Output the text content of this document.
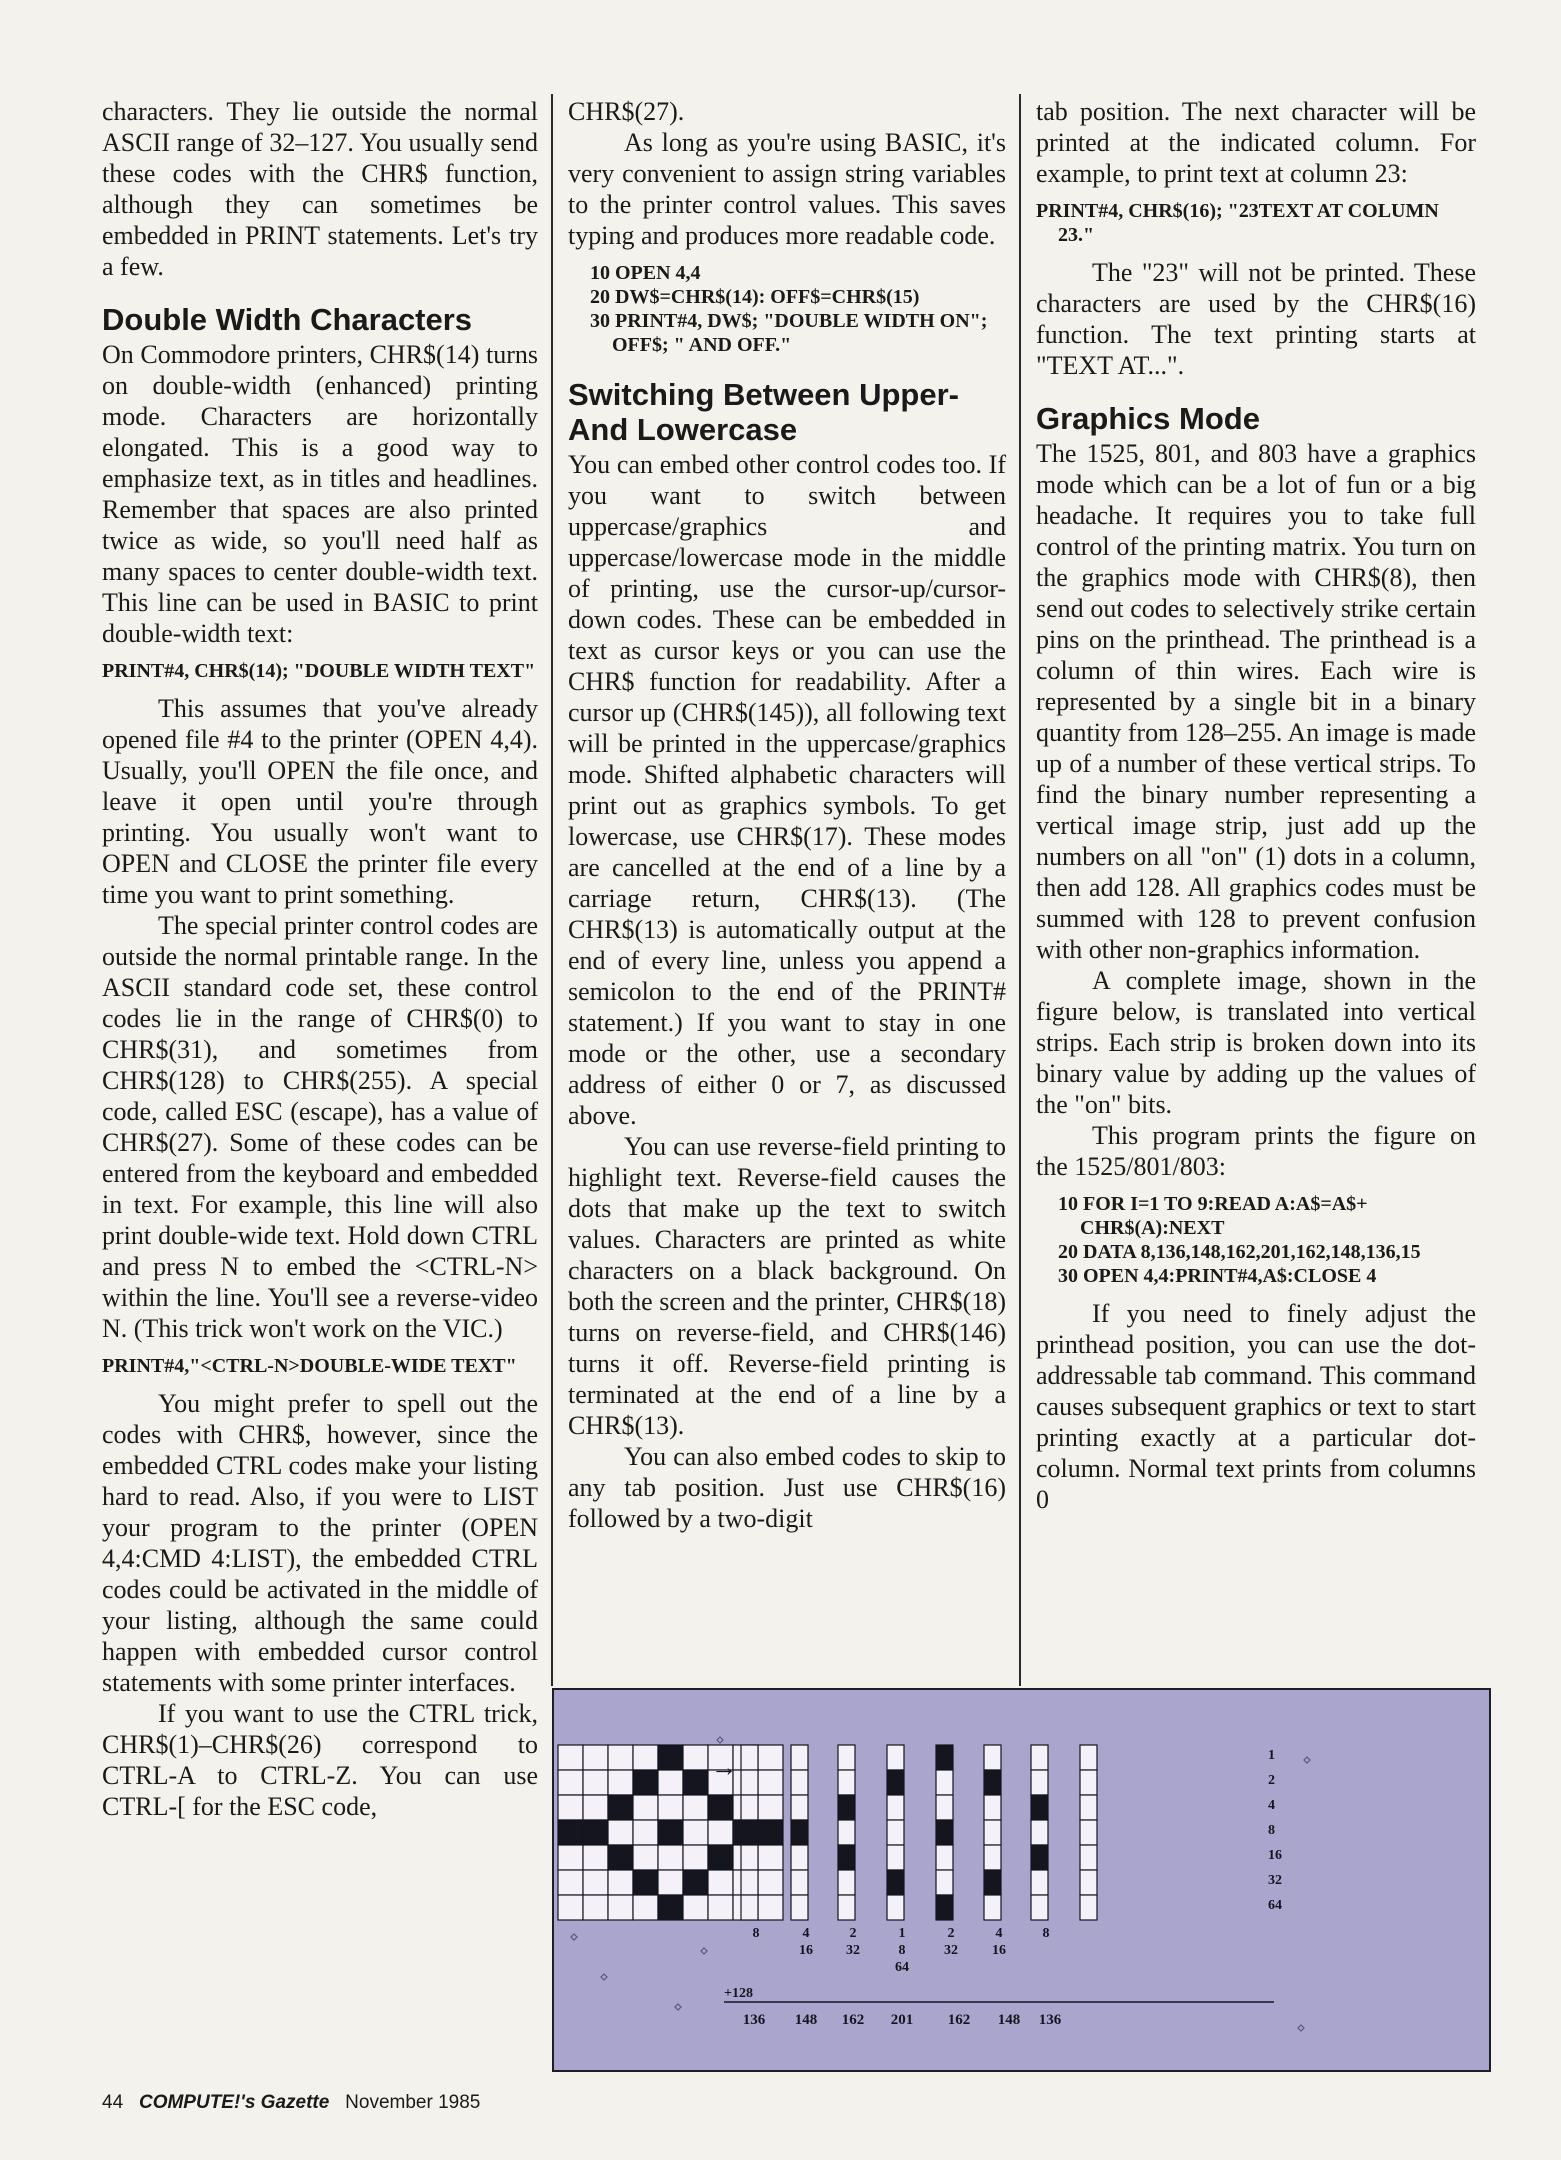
characters. They lie outside the normal ASCII range of 32–127. You usually send these codes with the CHR$ function, although they can sometimes be embedded in PRINT statements. Let's try a few.

Double Width Characters

On Commodore printers, CHR$(14) turns on double-width (enhanced) printing mode. Characters are horizontally elongated. This is a good way to emphasize text, as in titles and headlines. Remember that spaces are also printed twice as wide, so you'll need half as many spaces to center double-width text. This line can be used in BASIC to print double-width text:

PRINT#4, CHR$(14); "DOUBLE WIDTH TEXT"

This assumes that you've already opened file #4 to the printer (OPEN 4,4). Usually, you'll OPEN the file once, and leave it open until you're through printing. You usually won't want to OPEN and CLOSE the printer file every time you want to print something.

The special printer control codes are outside the normal printable range. In the ASCII standard code set, these control codes lie in the range of CHR$(0) to CHR$(31), and sometimes from CHR$(128) to CHR$(255). A special code, called ESC (escape), has a value of CHR$(27). Some of these codes can be entered from the keyboard and embedded in text. For example, this line will also print double-wide text. Hold down CTRL and press N to embed the <CTRL-N> within the line. You'll see a reverse-video N. (This trick won't work on the VIC.)

PRINT#4,"<CTRL-N>DOUBLE-WIDE TEXT"

You might prefer to spell out the codes with CHR$, however, since the embedded CTRL codes make your listing hard to read. Also, if you were to LIST your program to the printer (OPEN 4,4:CMD 4:LIST), the embedded CTRL codes could be activated in the middle of your listing, although the same could happen with embedded cursor control statements with some printer interfaces.

If you want to use the CTRL trick, CHR$(1)–CHR$(26) correspond to CTRL-A to CTRL-Z. You can use CTRL-[ for the ESC code,

CHR$(27).

As long as you're using BASIC, it's very convenient to assign string variables to the printer control values. This saves typing and produces more readable code.

10 OPEN 4,4
20 DW$=CHR$(14): OFF$=CHR$(15)
30 PRINT#4, DW$; "DOUBLE WIDTH ON"; OFF$; " AND OFF."
Switching Between Upper- And Lowercase

You can embed other control codes too. If you want to switch between uppercase/graphics and uppercase/lowercase mode in the middle of printing, use the cursor-up/cursor-down codes. These can be embedded in text as cursor keys or you can use the CHR$ function for readability. After a cursor up (CHR$(145)), all following text will be printed in the uppercase/graphics mode. Shifted alphabetic characters will print out as graphics symbols. To get lowercase, use CHR$(17). These modes are cancelled at the end of a line by a carriage return, CHR$(13). (The CHR$(13) is automatically output at the end of every line, unless you append a semicolon to the end of the PRINT# statement.) If you want to stay in one mode or the other, use a secondary address of either 0 or 7, as discussed above.

You can use reverse-field printing to highlight text. Reverse-field causes the dots that make up the text to switch values. Characters are printed as white characters on a black background. On both the screen and the printer, CHR$(18) turns on reverse-field, and CHR$(146) turns it off. Reverse-field printing is terminated at the end of a line by a CHR$(13).

You can also embed codes to skip to any tab position. Just use CHR$(16) followed by a two-digit

tab position. The next character will be printed at the indicated column. For example, to print text at column 23:

PRINT#4, CHR$(16); "23TEXT AT COLUMN 23."

The "23" will not be printed. These characters are used by the CHR$(16) function. The text printing starts at "TEXT AT...".

Graphics Mode

The 1525, 801, and 803 have a graphics mode which can be a lot of fun or a big headache. It requires you to take full control of the printing matrix. You turn on the graphics mode with CHR$(8), then send out codes to selectively strike certain pins on the printhead. The printhead is a column of thin wires. Each wire is represented by a single bit in a binary quantity from 128–255. An image is made up of a number of these vertical strips. To find the binary number representing a vertical image strip, just add up the numbers on all "on" (1) dots in a column, then add 128. All graphics codes must be summed with 128 to prevent confusion with other non-graphics information.

A complete image, shown in the figure below, is translated into vertical strips. Each strip is broken down into its binary value by adding up the values of the "on" bits.

This program prints the figure on the 1525/801/803:

10 FOR I=1 TO 9:READ A:A$=A$+ CHR$(A):NEXT
20 DATA 8,136,148,162,201,162,148,136,15
30 OPEN 4,4:PRINT#4,A$:CLOSE 4

If you need to finely adjust the printhead position, you can use the dot-addressable tab command. This command causes subsequent graphics or text to start printing exactly at a particular dot-column. Normal text prints from columns 0

→	1
2
4
8
16
32
64
8	4
16
2
32
1
8
64
2
32
4
16
8
+128
136 148 162 201 162 148 136
44 COMPUTE!'s Gazette November 1985
